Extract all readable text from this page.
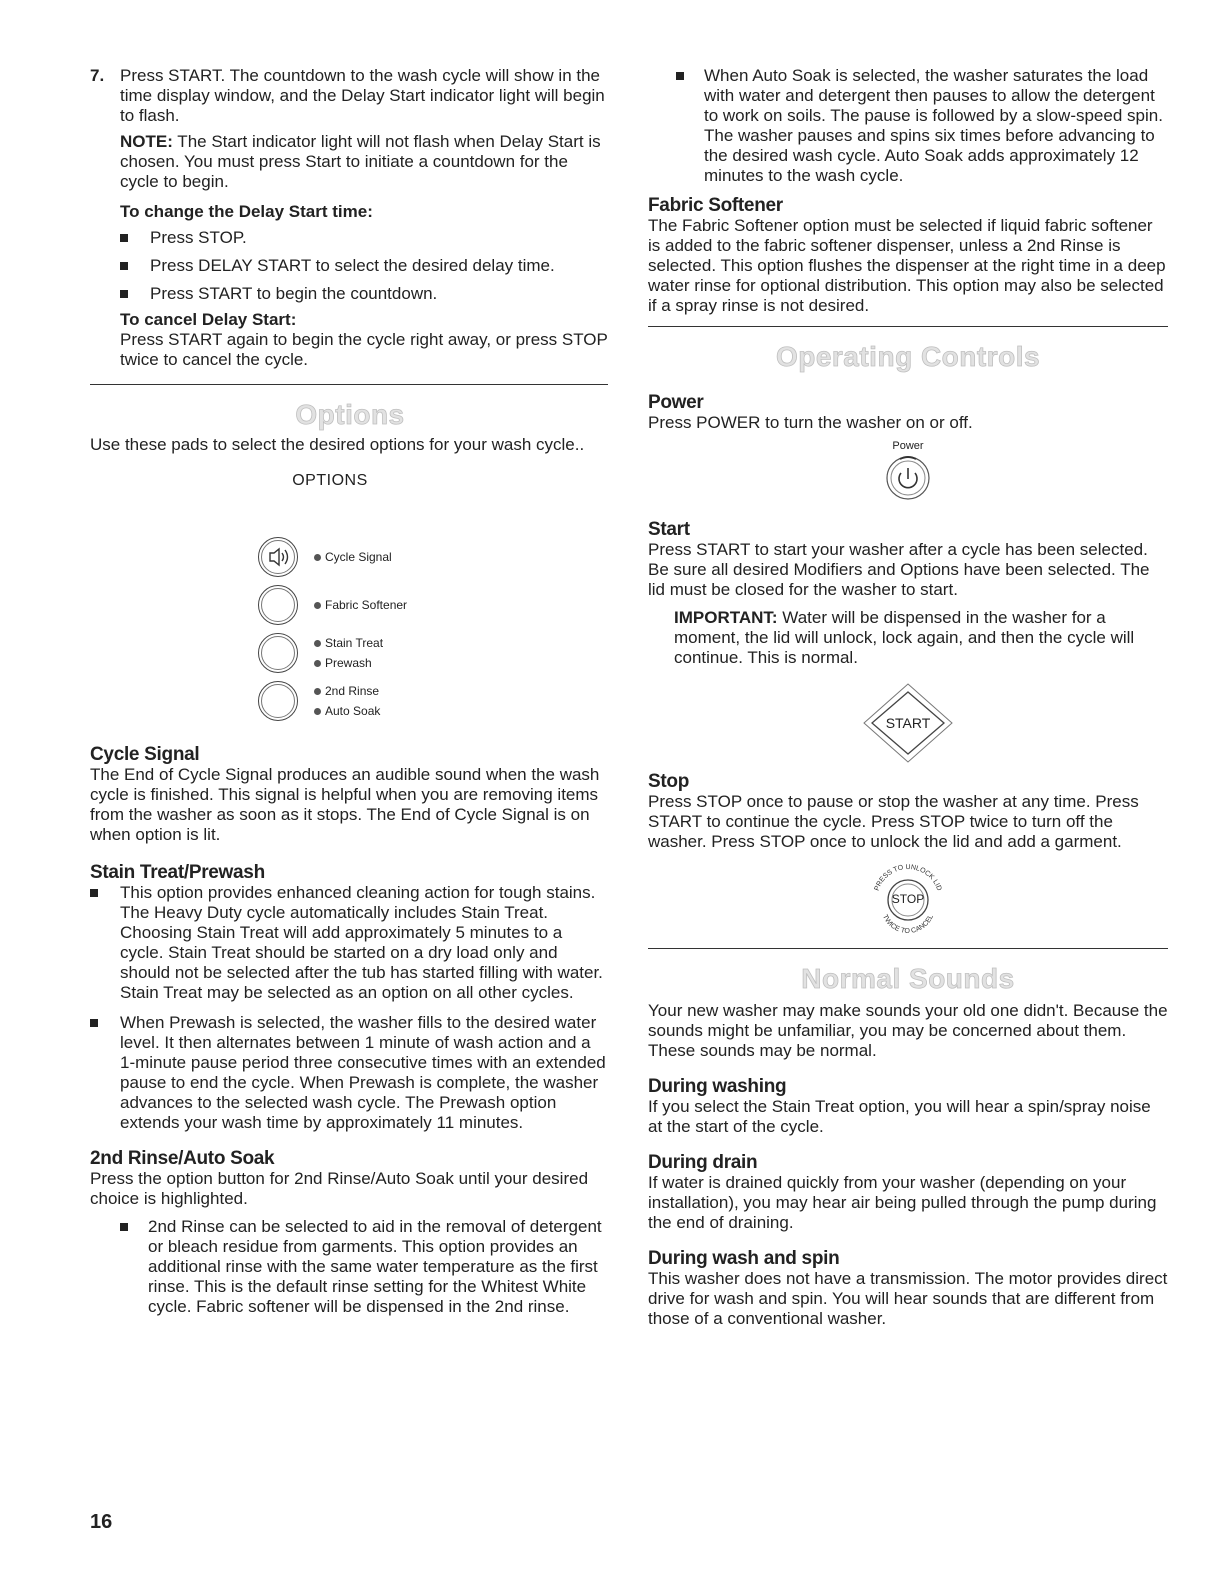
7. Press START. The countdown to the wash cycle will show in the time display window, and the Delay Start indicator light will begin to flash.

NOTE: The Start indicator light will not flash when Delay Start is chosen. You must press Start to initiate a countdown for the cycle to begin.

To change the Delay Start time:

Press STOP.
Press DELAY START to select the desired delay time.
Press START to begin the countdown.

To cancel Delay Start:

Press START again to begin the cycle right away, or press STOP twice to cancel the cycle.

Options

Use these pads to select the desired options for your wash cycle..

OPTIONS
Cycle Signal
Fabric Softener
Stain Treat
Prewash
2nd Rinse
Auto Soak

Cycle Signal

The End of Cycle Signal produces an audible sound when the wash cycle is finished. This signal is helpful when you are removing items from the washer as soon as it stops. The End of Cycle Signal is on when option is lit.

Stain Treat/Prewash

This option provides enhanced cleaning action for tough stains. The Heavy Duty cycle automatically includes Stain Treat. Choosing Stain Treat will add approximately 5 minutes to a cycle. Stain Treat should be started on a dry load only and should not be selected after the tub has started filling with water. Stain Treat may be selected as an option on all other cycles.
When Prewash is selected, the washer fills to the desired water level. It then alternates between 1 minute of wash action and a 1-minute pause period three consecutive times with an extended pause to end the cycle. When Prewash is complete, the washer advances to the selected wash cycle. The Prewash option extends your wash time by approximately 11 minutes.

2nd Rinse/Auto Soak

Press the option button for 2nd Rinse/Auto Soak until your desired choice is highlighted.

2nd Rinse can be selected to aid in the removal of detergent or bleach residue from garments. This option provides an additional rinse with the same water temperature as the first rinse. This is the default rinse setting for the Whitest White cycle. Fabric softener will be dispensed in the 2nd rinse.
When Auto Soak is selected, the washer saturates the load with water and detergent then pauses to allow the detergent to work on soils. The pause is followed by a slow-speed spin. The washer pauses and spins six times before advancing to the desired wash cycle. Auto Soak adds approximately 12 minutes to the wash cycle.

Fabric Softener

The Fabric Softener option must be selected if liquid fabric softener is added to the fabric softener dispenser, unless a 2nd Rinse is selected. This option flushes the dispenser at the right time in a deep water rinse for optional distribution. This option may also be selected if a spray rinse is not desired.

Operating Controls

Power

Press POWER to turn the washer on or off.

Power

Start

Press START to start your washer after a cycle has been selected. Be sure all desired Modifiers and Options have been selected. The lid must be closed for the washer to start.

IMPORTANT: Water will be dispensed in the washer for a moment, the lid will unlock, lock again, and then the cycle will continue. This is normal.

START

Stop

Press STOP once to pause or stop the washer at any time. Press START to continue the cycle. Press STOP twice to turn off the washer. Press STOP once to unlock the lid and add a garment.

PRESS TO UNLOCK LID
TWICE TO CANCEL
STOP
Normal Sounds

Your new washer may make sounds your old one didn't. Because the sounds might be unfamiliar, you may be concerned about them. These sounds may be normal.

During washing

If you select the Stain Treat option, you will hear a spin/spray noise at the start of the cycle.

During drain

If water is drained quickly from your washer (depending on your installation), you may hear air being pulled through the pump during the end of draining.

During wash and spin

This washer does not have a transmission. The motor provides direct drive for wash and spin. You will hear sounds that are different from those of a conventional washer.

16
